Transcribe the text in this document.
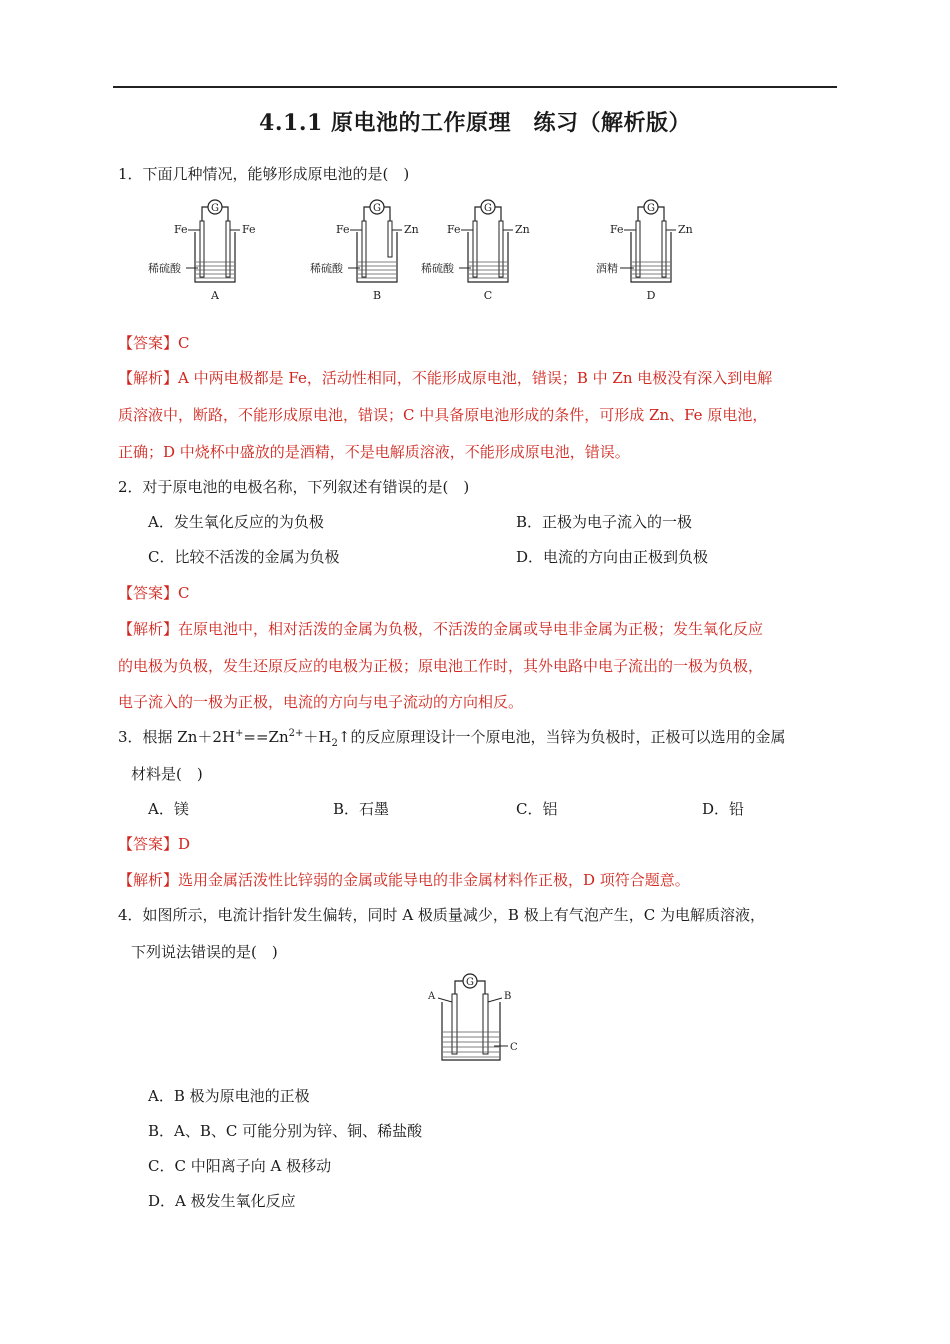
4.1.1 原电池的工作原理　练习（解析版）
1．下面几种情况，能够形成原电池的是(　)
G
Fe	Fe
稀硫酸
A
G
Fe	Zn
稀硫酸
B
G
Fe	Zn
稀硫酸
C
G
Fe	Zn
酒精
D
【答案】C
【解析】A 中两电极都是 Fe，活动性相同，不能形成原电池，错误；B 中 Zn 电极没有深入到电解
质溶液中，断路，不能形成原电池，错误；C 中具备原电池形成的条件，可形成 Zn、Fe 原电池，
正确；D 中烧杯中盛放的是酒精，不是电解质溶液，不能形成原电池，错误。
2．对于原电池的电极名称，下列叙述有错误的是(　)
A．发生氧化反应的为负极	B．正极为电子流入的一极
C．比较不活泼的金属为负极	D．电流的方向由正极到负极
【答案】C
【解析】在原电池中，相对活泼的金属为负极，不活泼的金属或导电非金属为正极；发生氧化反应
的电极为负极，发生还原反应的电极为正极；原电池工作时，其外电路中电子流出的一极为负极，
电子流入的一极为正极，电流的方向与电子流动的方向相反。
3．根据 $Zn+2H^+==Zn^{2+}+H_2↑$的反应原理设计一个原电池，当锌为负极时，正极可以选用的金属
材料是(　)
A．镁	B．石墨	C．铝	D．铅
【答案】D
【解析】选用金属活泼性比锌弱的金属或能导电的非金属材料作正极，D 项符合题意。
4．如图所示，电流计指针发生偏转，同时 A 极质量减少，B 极上有气泡产生，C 为电解质溶液，
下列说法错误的是(　)
G
A	B
C
A．B 极为原电池的正极
B．A、B、C 可能分别为锌、铜、稀盐酸
C．C 中阳离子向 A 极移动
D．A 极发生氧化反应
